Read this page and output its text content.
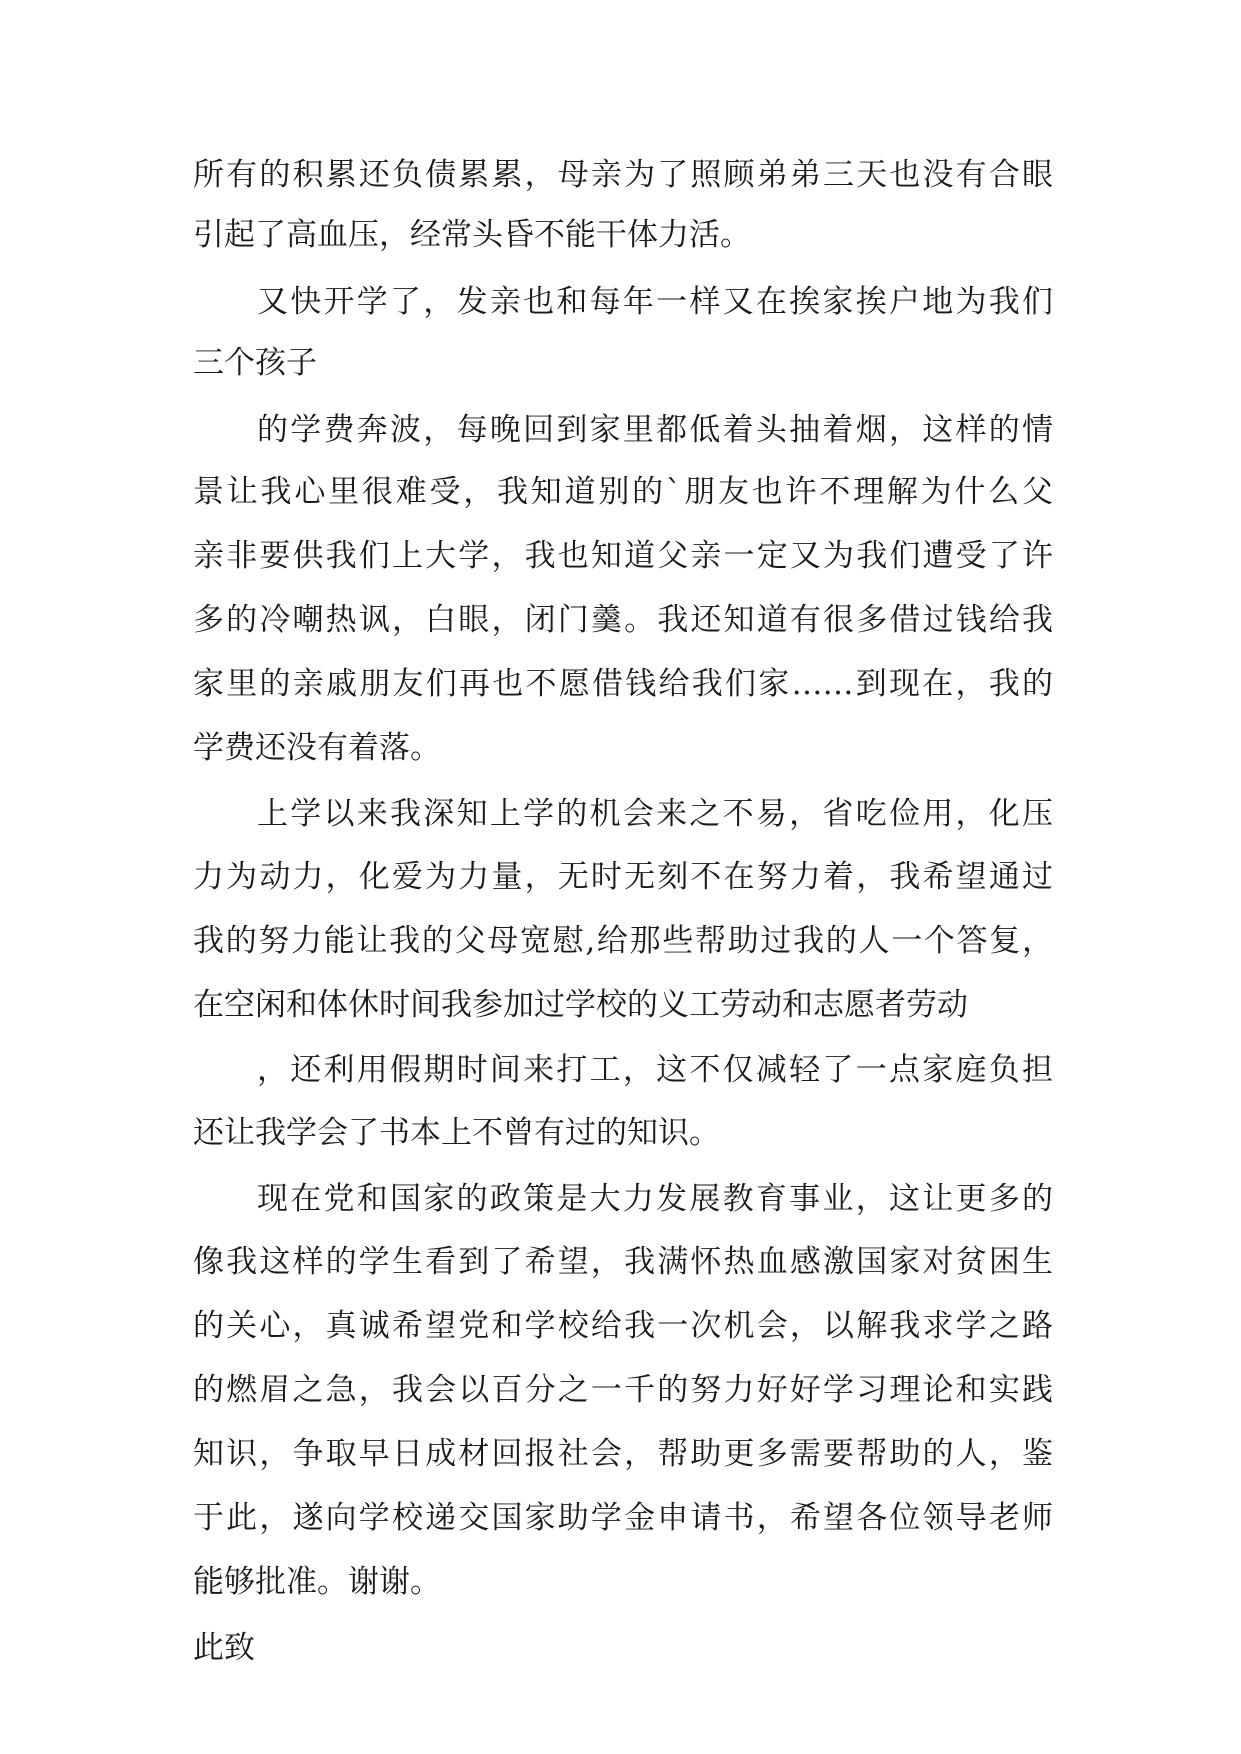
所有的积累还负债累累，母亲为了照顾弟弟三天也没有合眼

引起了高血压，经常头昏不能干体力活。

又快开学了，发亲也和每年一样又在挨家挨户地为我们

三个孩子

的学费奔波，每晚回到家里都低着头抽着烟，这样的情

景让我心里很难受，我知道别的`朋友也许不理解为什么父

亲非要供我们上大学，我也知道父亲一定又为我们遭受了许

多的冷嘲热讽，白眼，闭门羹。我还知道有很多借过钱给我

家里的亲戚朋友们再也不愿借钱给我们家……到现在，我的

学费还没有着落。

上学以来我深知上学的机会来之不易，省吃俭用，化压

力为动力，化爱为力量，无时无刻不在努力着，我希望通过

我的努力能让我的父母宽慰,给那些帮助过我的人一个答复，

在空闲和体休时间我参加过学校的义工劳动和志愿者劳动

，还利用假期时间来打工，这不仅减轻了一点家庭负担

还让我学会了书本上不曾有过的知识。

现在党和国家的政策是大力发展教育事业，这让更多的

像我这样的学生看到了希望，我满怀热血感激国家对贫困生

的关心，真诚希望党和学校给我一次机会，以解我求学之路

的燃眉之急，我会以百分之一千的努力好好学习理论和实践

知识，争取早日成材回报社会，帮助更多需要帮助的人，鉴

于此，遂向学校递交国家助学金申请书，希望各位领导老师

能够批准。谢谢。

此致
